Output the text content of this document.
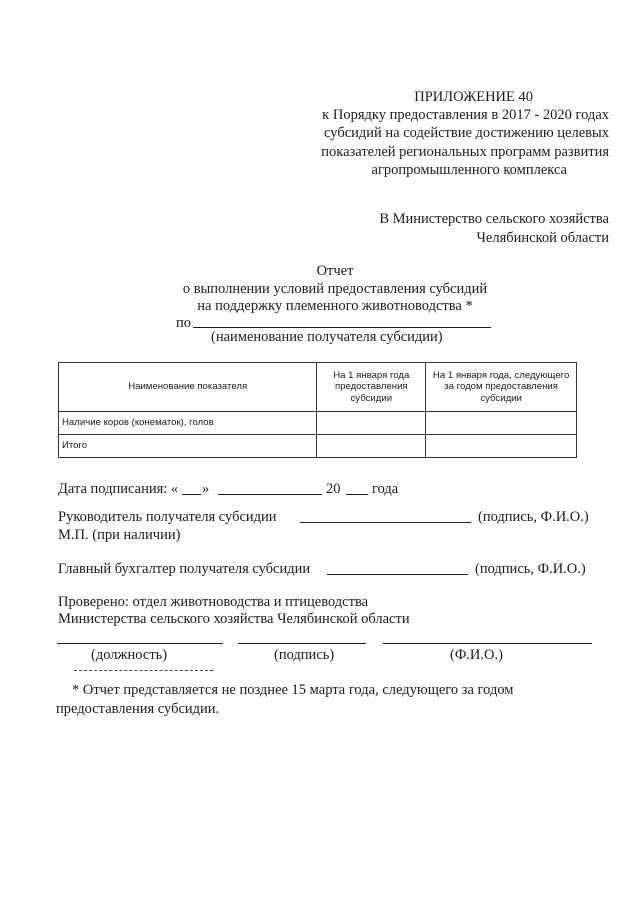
ПРИЛОЖЕНИЕ 40
к Порядку предоставления в 2017 - 2020 годах
субсидий на содействие достижению целевых
показателей региональных программ развития
агропромышленного комплекса
В Министерство сельского хозяйства
Челябинской области
Отчет
о выполнении условий предоставления субсидий
на поддержку племенного животноводства *
по
(наименование получателя субсидии)
Наименование показателя	На 1 января года предоставления субсидии	На 1 января года, следующего за годом предоставления субсидии
Наличие коров (конематок), голов		
Итого		
Дата подписания: « »	20 года
Руководитель получателя субсидии	(подпись, Ф.И.О.)
М.П. (при наличии)
Главный бухгалтер получателя субсидии	(подпись, Ф.И.О.)
Проверено: отдел животноводства и птицеводства
Министерства сельского хозяйства Челябинской области
(должность)	(подпись)	(Ф.И.О.)
* Отчет представляется не позднее 15 марта года, следующего за годом
предоставления субсидии.
